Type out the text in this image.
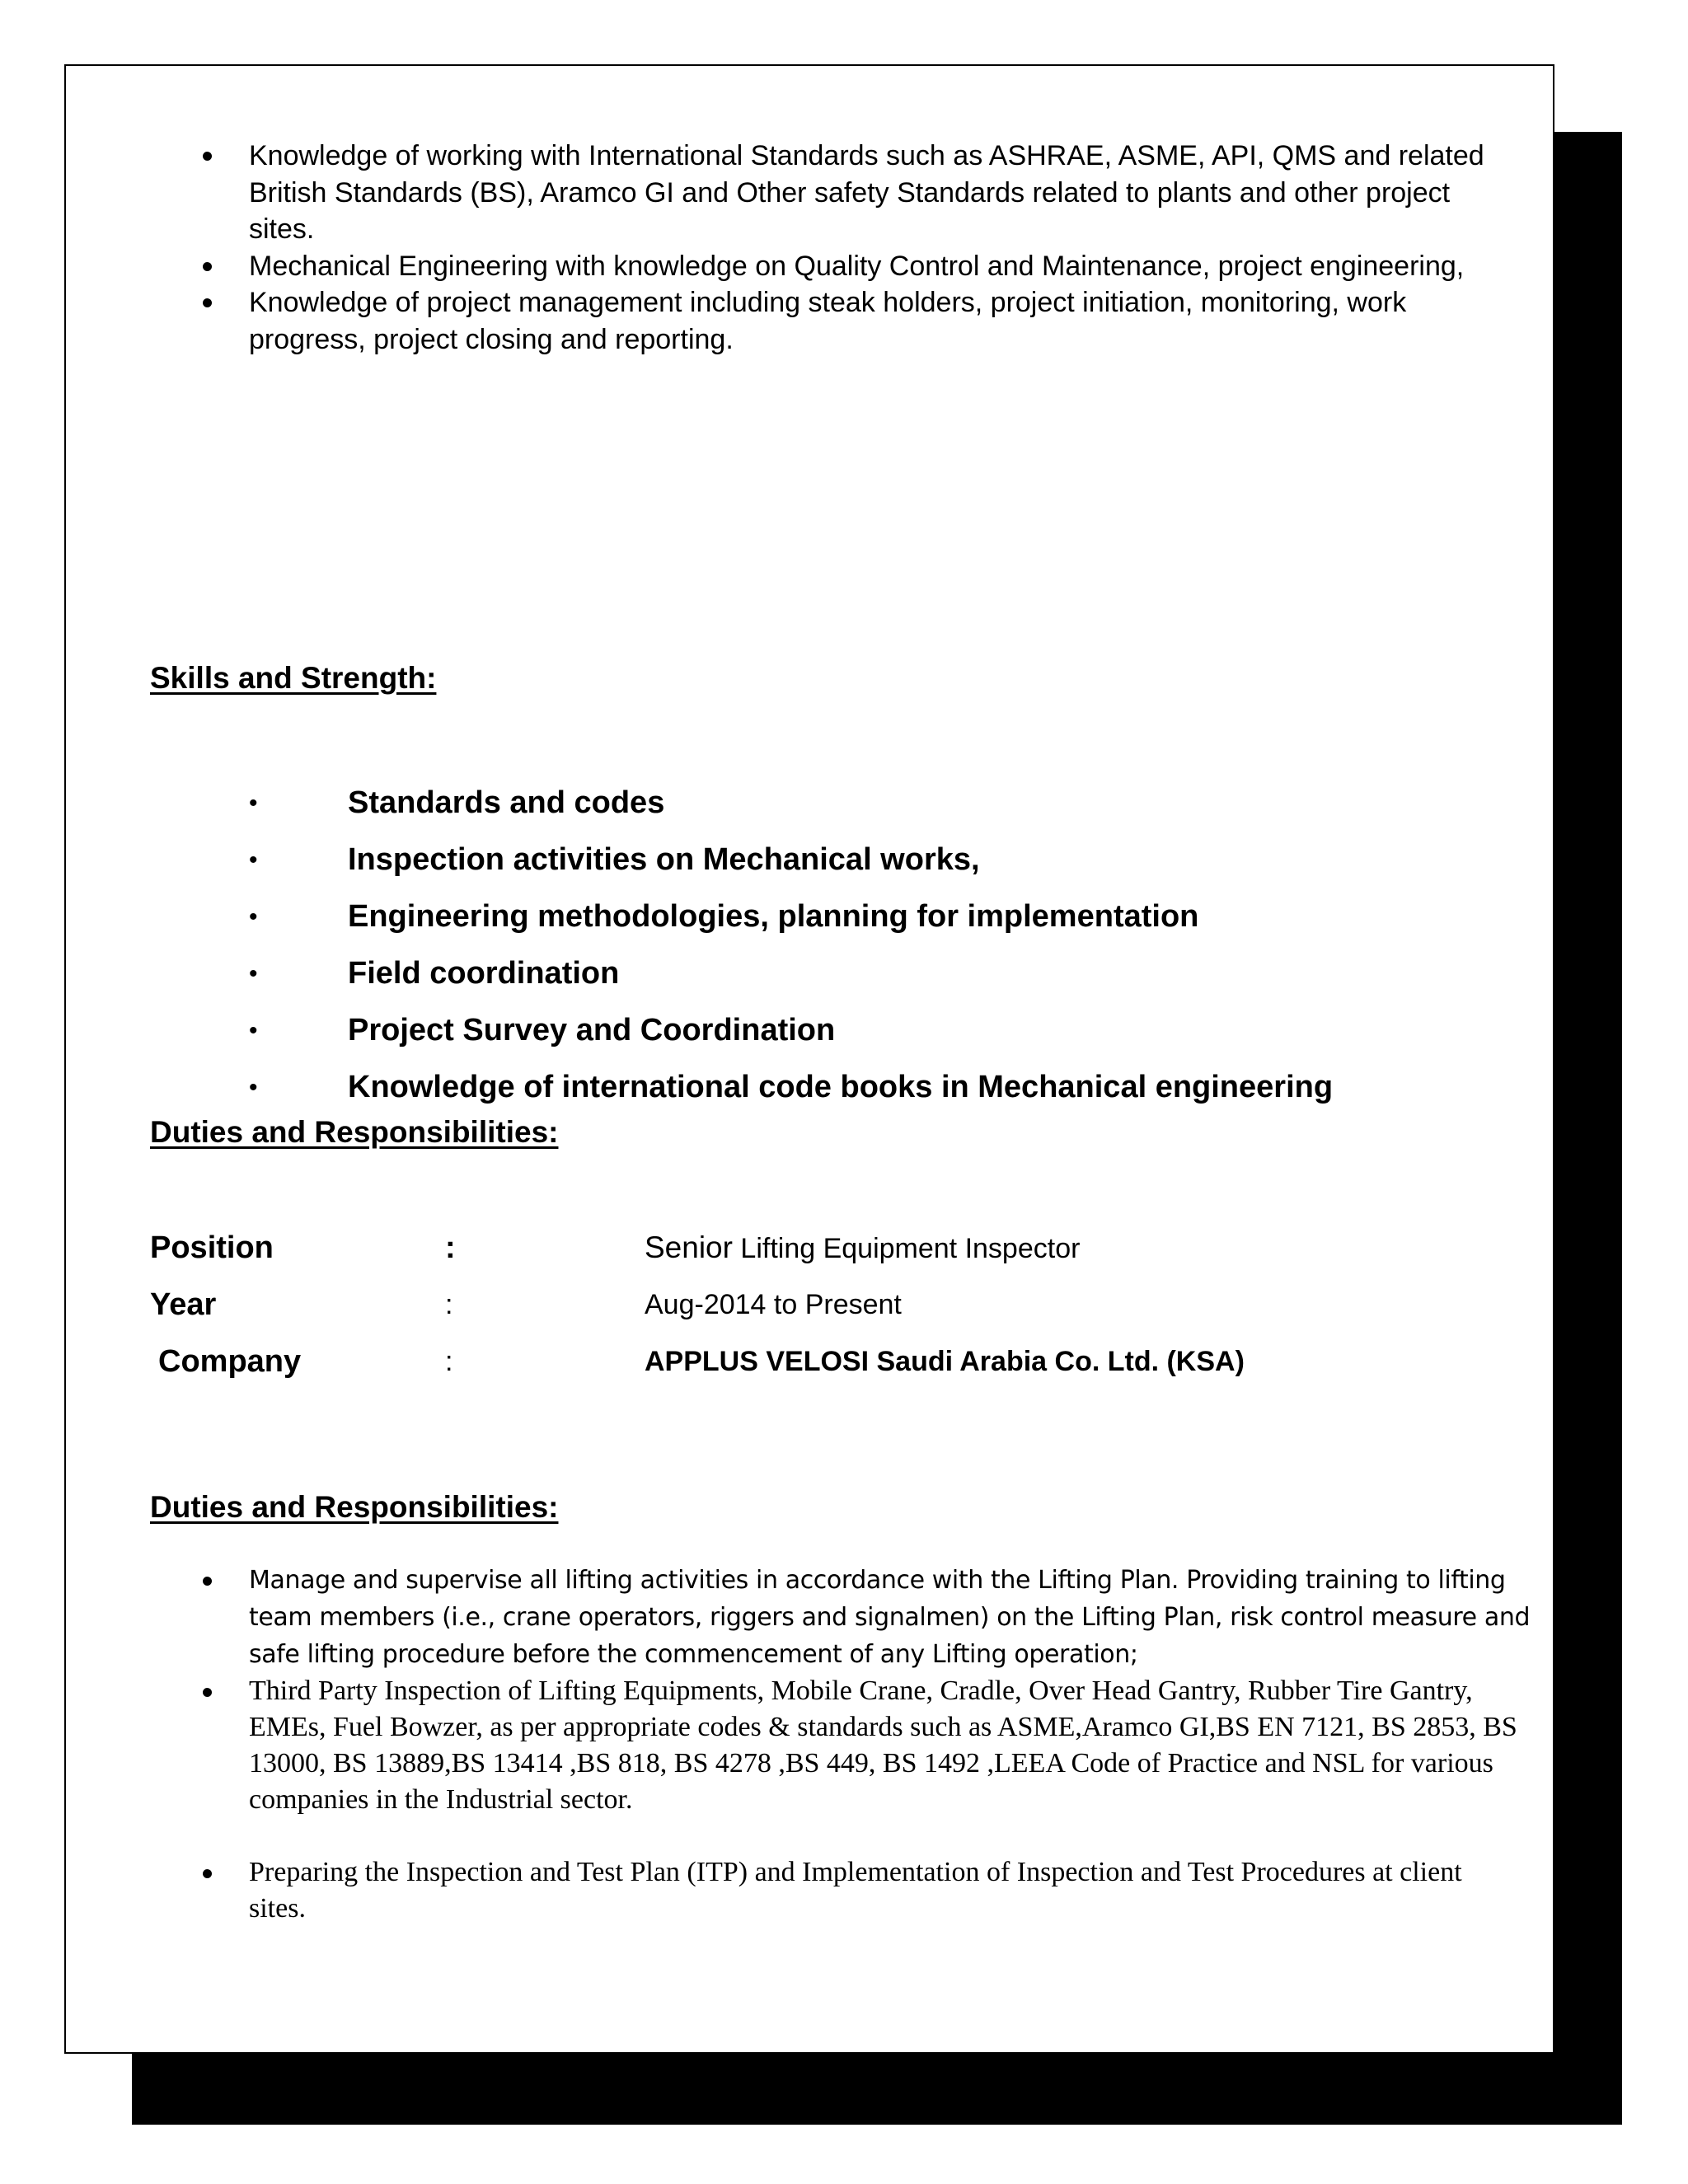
Knowledge of working with International Standards such as ASHRAE, ASME, API, QMS and related British Standards (BS), Aramco GI and Other safety Standards related to plants and other project sites.
Mechanical Engineering with knowledge on Quality Control and Maintenance, project engineering,
Knowledge of project management including steak holders, project initiation, monitoring, work progress, project closing and reporting.
Skills and Strength:
•	Standards and codes
•	Inspection activities on Mechanical works,
•	Engineering methodologies, planning for implementation
•	Field coordination
•	Project Survey and Coordination
•	Knowledge of international code books in Mechanical engineering
Duties and Responsibilities:
Position	:	Senior Lifting Equipment Inspector
Year	:	Aug-2014 to Present
Company	:	APPLUS VELOSI Saudi Arabia Co. Ltd. (KSA)
Duties and Responsibilities:
Manage and supervise all lifting activities in accordance with the Lifting Plan. Providing training to lifting team members (i.e., crane operators, riggers and signalmen) on the Lifting Plan, risk control measure and safe lifting procedure before the commencement of any Lifting operation;
Third Party Inspection of Lifting Equipments, Mobile Crane, Cradle, Over Head Gantry, Rubber Tire Gantry, EMEs, Fuel Bowzer, as per appropriate codes & standards such as ASME,Aramco GI,BS EN 7121, BS 2853, BS 13000, BS 13889,BS 13414 ,BS 818, BS 4278 ,BS 449, BS 1492 ,LEEA Code of Practice and NSL for various companies in the Industrial sector.
Preparing the Inspection and Test Plan (ITP) and Implementation of Inspection and Test Procedures at client sites.
